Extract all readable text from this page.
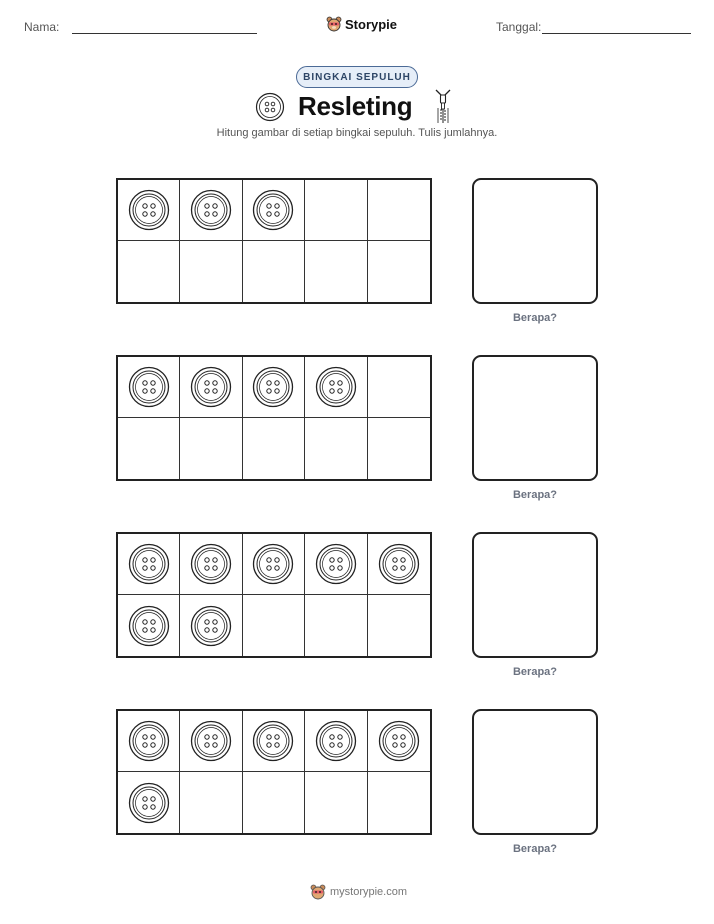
Nama:	Storypie	Tanggal:
BINGKAI SEPULUH
Resleting

Hitung gambar di setiap bingkai sepuluh. Tulis jumlahnya.

Berapa?
Berapa?
Berapa?
Berapa?
mystorypie.com
